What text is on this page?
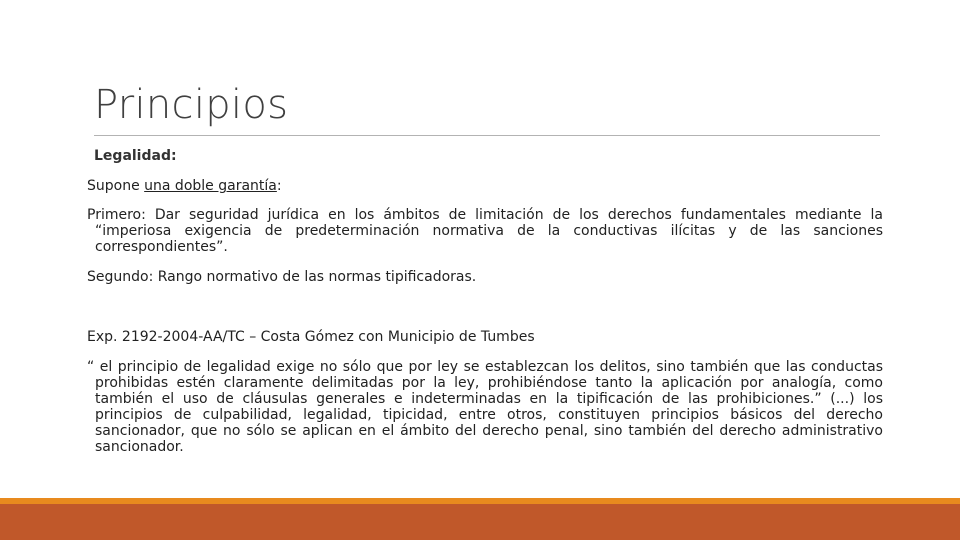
Principios
Legalidad:
Supone una doble garantía:
Primero: Dar seguridad jurídica en los ámbitos de limitación de los derechos fundamentales mediante la “imperiosa exigencia de predeterminación normativa de la conductivas ilícitas y de las sanciones correspondientes”.
Segundo: Rango normativo de las normas tipificadoras.
Exp. 2192-2004-AA/TC – Costa Gómez con Municipio de Tumbes
“ el principio de legalidad exige no sólo que por ley se establezcan los delitos, sino también que las conductas prohibidas estén claramente delimitadas por la ley, prohibiéndose tanto la aplicación por analogía, como también el uso de cláusulas generales e indeterminadas en la tipificación de las prohibiciones.” (...) los principios de culpabilidad, legalidad, tipicidad, entre otros, constituyen principios básicos del derecho sancionador, que no sólo se aplican en el ámbito del derecho penal, sino también del derecho administrativo sancionador.
